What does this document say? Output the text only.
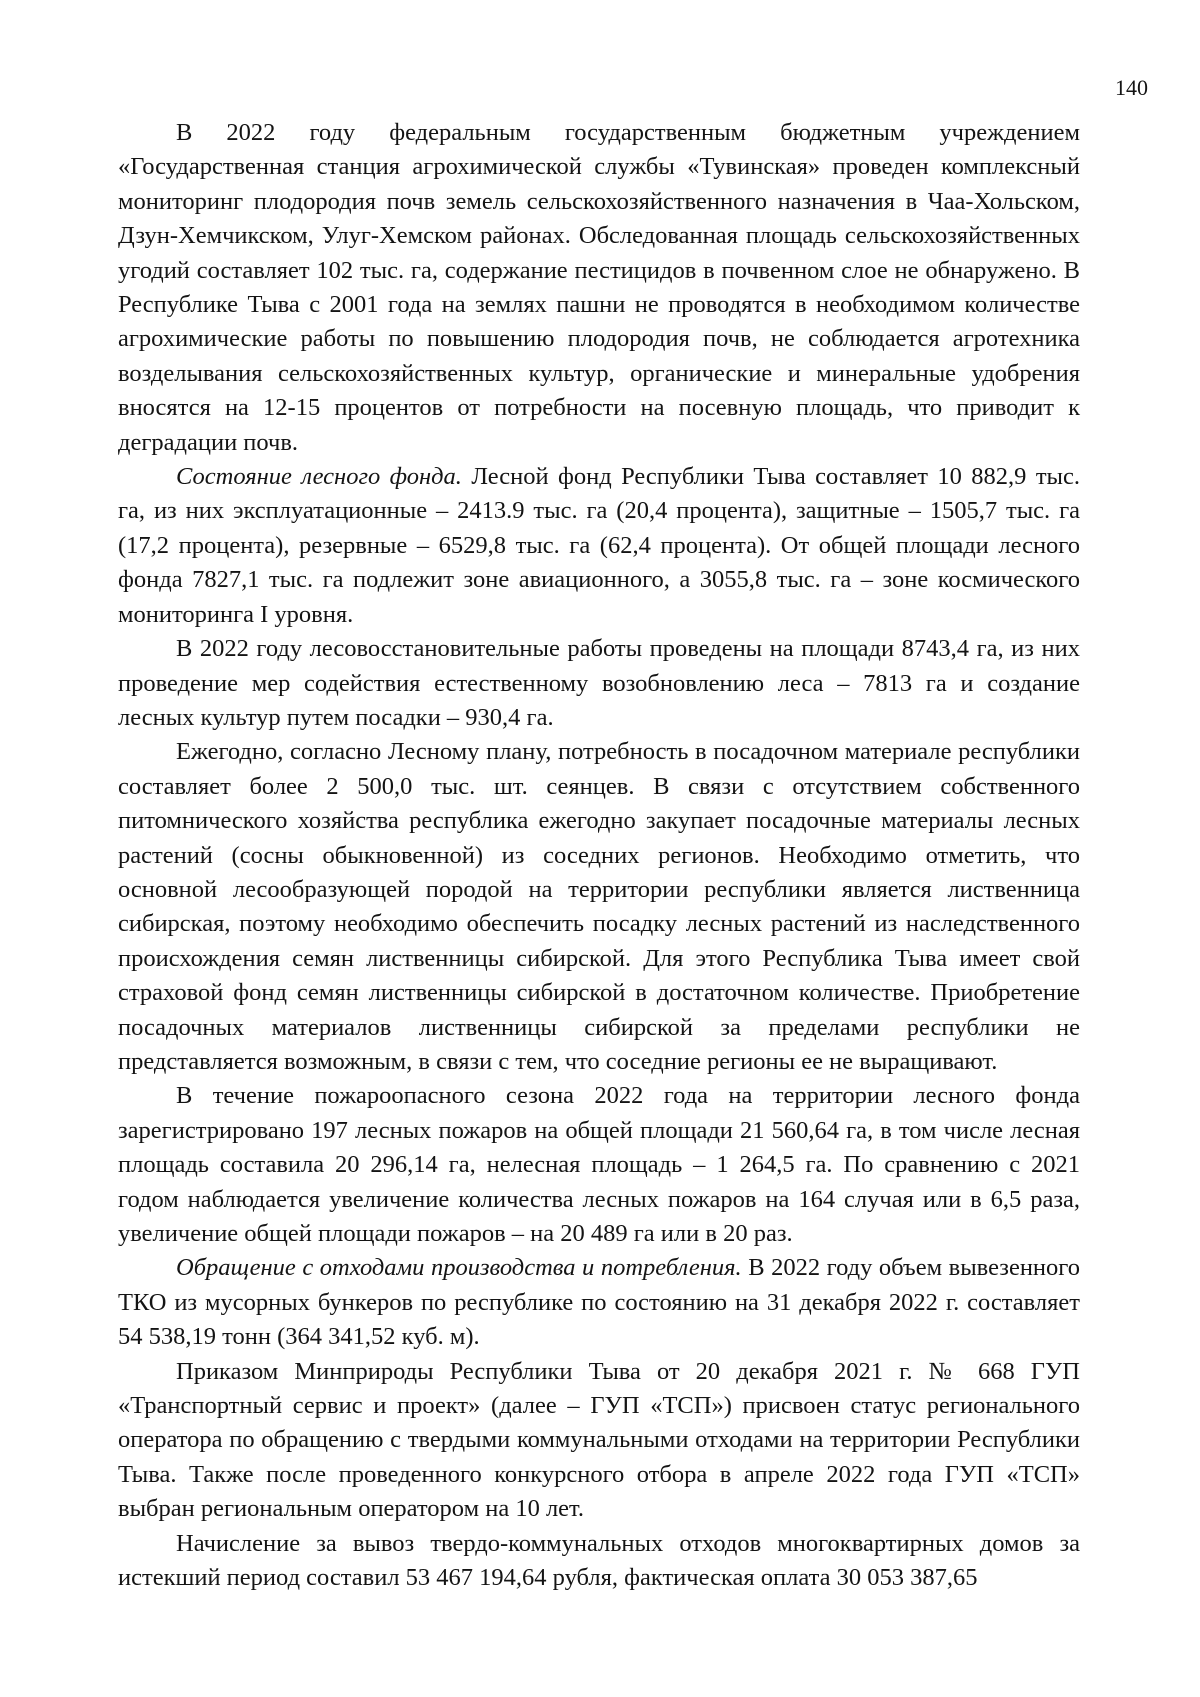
140

В 2022 году федеральным государственным бюджетным учреждением «Государственная станция агрохимической службы «Тувинская» проведен комплексный мониторинг плодородия почв земель сельскохозяйственного назначения в Чаа-Хольском, Дзун-Хемчикском, Улуг-Хемском районах. Обследованная площадь сельскохозяйственных угодий составляет 102 тыс. га, содержание пестицидов в почвенном слое не обнаружено. В Республике Тыва с 2001 года на землях пашни не проводятся в необходимом количестве агрохимические работы по повышению плодородия почв, не соблюдается агротехника возделывания сельскохозяйственных культур, органические и минеральные удобрения вносятся на 12-15 процентов от потребности на посевную площадь, что приводит к деградации почв.

Состояние лесного фонда. Лесной фонд Республики Тыва составляет 10 882,9 тыс. га, из них эксплуатационные – 2413.9 тыс. га (20,4 процента), защитные – 1505,7 тыс. га (17,2 процента), резервные – 6529,8 тыс. га (62,4 процента). От общей площади лесного фонда 7827,1 тыс. га подлежит зоне авиационного, а 3055,8 тыс. га – зоне космического мониторинга I уровня.

В 2022 году лесовосстановительные работы проведены на площади 8743,4 га, из них проведение мер содействия естественному возобновлению леса – 7813 га и создание лесных культур путем посадки – 930,4 га.

Ежегодно, согласно Лесному плану, потребность в посадочном материале республики составляет более 2 500,0 тыс. шт. сеянцев. В связи с отсутствием собственного питомнического хозяйства республика ежегодно закупает посадочные материалы лесных растений (сосны обыкновенной) из соседних регионов. Необходимо отметить, что основной лесообразующей породой на территории республики является лиственница сибирская, поэтому необходимо обеспечить посадку лесных растений из наследственного происхождения семян лиственницы сибирской. Для этого Республика Тыва имеет свой страховой фонд семян лиственницы сибирской в достаточном количестве. Приобретение посадочных материалов лиственницы сибирской за пределами республики не представляется возможным, в связи с тем, что соседние регионы ее не выращивают.

В течение пожароопасного сезона 2022 года на территории лесного фонда зарегистрировано 197 лесных пожаров на общей площади 21 560,64 га, в том числе лесная площадь составила 20 296,14 га, нелесная площадь – 1 264,5 га. По сравнению с 2021 годом наблюдается увеличение количества лесных пожаров на 164 случая или в 6,5 раза, увеличение общей площади пожаров – на 20 489 га или в 20 раз.

Обращение с отходами производства и потребления. В 2022 году объем вывезенного ТКО из мусорных бункеров по республике по состоянию на 31 декабря 2022 г. составляет 54 538,19 тонн (364 341,52 куб. м).

Приказом Минприроды Республики Тыва от 20 декабря 2021 г. № 668 ГУП «Транспортный сервис и проект» (далее – ГУП «ТСП») присвоен статус регионального оператора по обращению с твердыми коммунальными отходами на территории Республики Тыва. Также после проведенного конкурсного отбора в апреле 2022 года ГУП «ТСП» выбран региональным оператором на 10 лет.

Начисление за вывоз твердо-коммунальных отходов многоквартирных домов за истекший период составил 53 467 194,64 рубля, фактическая оплата 30 053 387,65
